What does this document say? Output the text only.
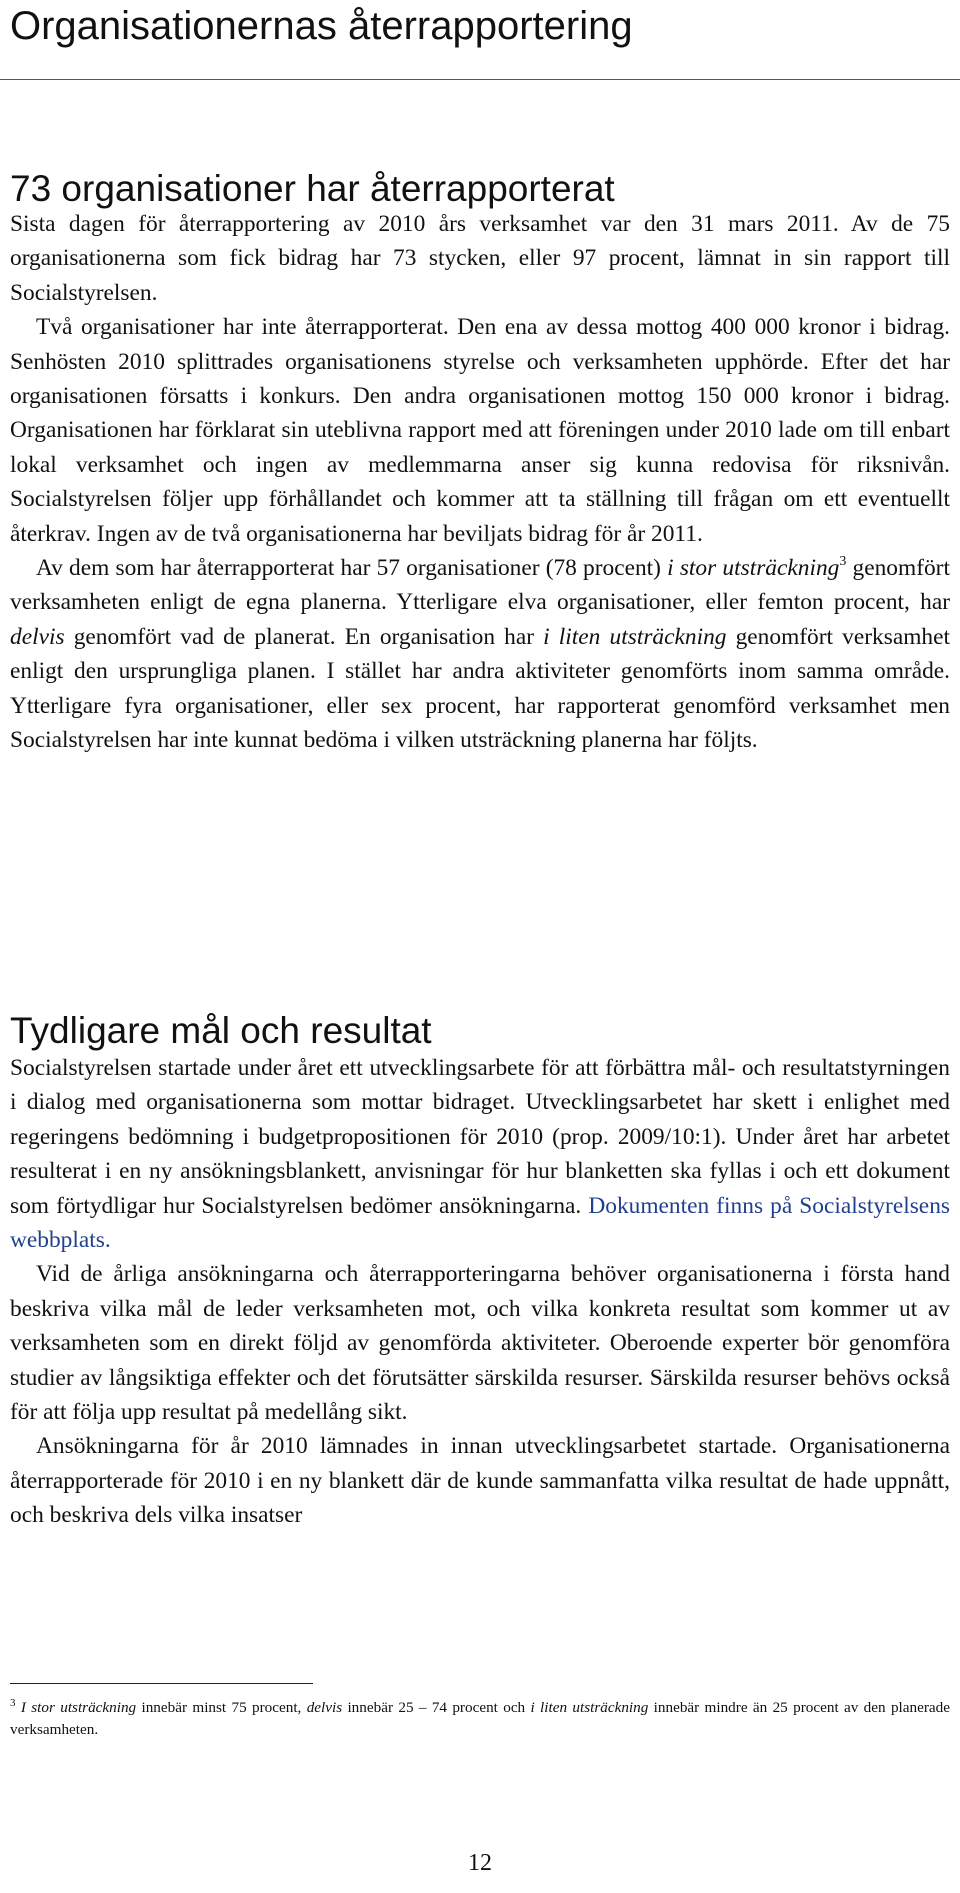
Organisationernas återrapportering
73 organisationer har återrapporterat

Sista dagen för återrapportering av 2010 års verksamhet var den 31 mars 2011. Av de 75 organisationerna som fick bidrag har 73 stycken, eller 97 procent, lämnat in sin rapport till Socialstyrelsen.

Två organisationer har inte återrapporterat. Den ena av dessa mottog 400 000 kronor i bidrag. Senhösten 2010 splittrades organisationens styrelse och verksamheten upphörde. Efter det har organisationen försatts i konkurs. Den andra organisationen mottog 150 000 kronor i bidrag. Organisationen har förklarat sin uteblivna rapport med att föreningen under 2010 lade om till enbart lokal verksamhet och ingen av medlemmarna anser sig kunna redovisa för riksnivån. Socialstyrelsen följer upp förhållandet och kommer att ta ställning till frågan om ett eventuellt återkrav. Ingen av de två organisationerna har beviljats bidrag för år 2011.

Av dem som har återrapporterat har 57 organisationer (78 procent) i stor utsträckning$^3$ genomfört verksamheten enligt de egna planerna. Ytterligare elva organisationer, eller femton procent, har delvis genomfört vad de planerat. En organisation har i liten utsträckning genomfört verksamhet enligt den ursprungliga planen. I stället har andra aktiviteter genomförts inom samma område. Ytterligare fyra organisationer, eller sex procent, har rapporterat genomförd verksamhet men Socialstyrelsen har inte kunnat bedöma i vilken utsträckning planerna har följts.

Tydligare mål och resultat

Socialstyrelsen startade under året ett utvecklingsarbete för att förbättra mål- och resultatstyrningen i dialog med organisationerna som mottar bidraget. Utvecklingsarbetet har skett i enlighet med regeringens bedömning i budgetpropositionen för 2010 (prop. 2009/10:1). Under året har arbetet resulterat i en ny ansökningsblankett, anvisningar för hur blanketten ska fyllas i och ett dokument som förtydligar hur Socialstyrelsen bedömer ansökningarna. Dokumenten finns på Socialstyrelsens webbplats.

Vid de årliga ansökningarna och återrapporteringarna behöver organisationerna i första hand beskriva vilka mål de leder verksamheten mot, och vilka konkreta resultat som kommer ut av verksamheten som en direkt följd av genomförda aktiviteter. Oberoende experter bör genomföra studier av långsiktiga effekter och det förutsätter särskilda resurser. Särskilda resurser behövs också för att följa upp resultat på medellång sikt.

Ansökningarna för år 2010 lämnades in innan utvecklingsarbetet startade. Organisationerna återrapporterade för 2010 i en ny blankett där de kunde sammanfatta vilka resultat de hade uppnått, och beskriva dels vilka insatser

$^3$ I stor utsträckning innebär minst 75 procent, delvis innebär 25 – 74 procent och i liten utsträckning innebär mindre än 25 procent av den planerade verksamheten.
12
